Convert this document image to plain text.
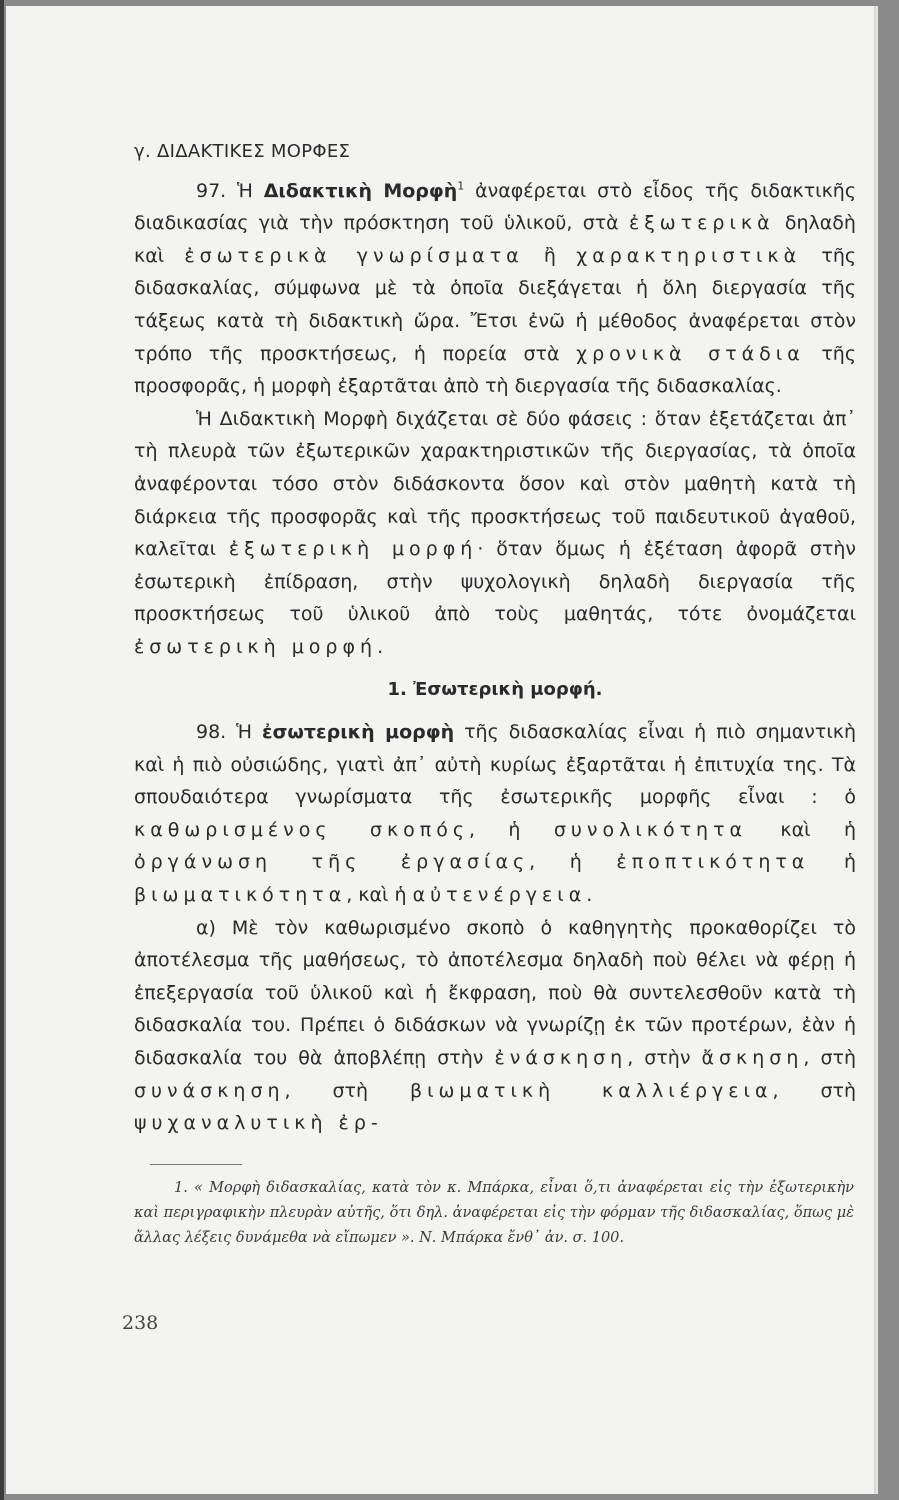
γ. ΔΙΔΑΚΤΙΚΕΣ ΜΟΡΦΕΣ

97. Ἡ Διδακτικὴ Μορφὴ$^1$ ἀναφέρεται στὸ εἶδος τῆς διδακτικῆς διαδικασίας γιὰ τὴν πρόσκτηση τοῦ ὑλικοῦ, στὰ ἐξωτερικὰ δηλαδὴ καὶ ἐσωτερικὰ γνωρίσματα ἢ χαρακτηριστικὰ τῆς διδασκαλίας, σύμφωνα μὲ τὰ ὁποῖα διεξάγεται ἡ ὅλη διεργασία τῆς τάξεως κατὰ τὴ διδακτικὴ ὥρα. Ἔτσι ἐνῶ ἡ μέθοδος ἀναφέρεται στὸν τρόπο τῆς προσκτήσεως, ἡ πορεία στὰ χρονικὰ στάδια τῆς προσφορᾶς, ἡ μορφὴ ἐξαρτᾶται ἀπὸ τὴ διεργασία τῆς διδασκαλίας.

Ἡ Διδακτικὴ Μορφὴ διχάζεται σὲ δύο φάσεις : ὅταν ἐξετάζεται ἀπ᾽ τὴ πλευρὰ τῶν ἐξωτερικῶν χαρακτηριστικῶν τῆς διεργασίας, τὰ ὁποῖα ἀναφέρονται τόσο στὸν διδάσκοντα ὅσον καὶ στὸν μαθητὴ κατὰ τὴ διάρκεια τῆς προσφορᾶς καὶ τῆς προσκτήσεως τοῦ παιδευτικοῦ ἀγαθοῦ, καλεῖται ἐξωτερικὴ μορφή· ὅταν ὅμως ἡ ἐξέταση ἀφορᾶ στὴν ἐσωτερικὴ ἐπίδραση, στὴν ψυχολογικὴ δηλαδὴ διεργασία τῆς προσκτήσεως τοῦ ὑλικοῦ ἀπὸ τοὺς μαθητάς, τότε ὀνομάζεται ἐσωτερικὴ μορφή.

1. Ἐσωτερικὴ μορφή.

98. Ἡ ἐσωτερικὴ μορφὴ τῆς διδασκαλίας εἶναι ἡ πιὸ σημαντικὴ καὶ ἡ πιὸ οὐσιώδης, γιατὶ ἀπ᾽ αὐτὴ κυρίως ἐξαρτᾶται ἡ ἐπιτυχία της. Τὰ σπουδαιότερα γνωρίσματα τῆς ἐσωτερικῆς μορφῆς εἶναι : ὁ καθωρισμένος σκοπός, ἡ συνολικότητα καὶ ἡ ὀργάνωση τῆς ἐργασίας, ἡ ἐποπτικότητα ἡ βιωματικότητα, καὶ ἡ αὐτενέργεια.

α) Μὲ τὸν καθωρισμένο σκοπὸ ὁ καθηγητὴς προκαθορίζει τὸ ἀποτέλεσμα τῆς μαθήσεως, τὸ ἀποτέλεσμα δηλαδὴ ποὺ θέλει νὰ φέρῃ ἡ ἐπεξεργασία τοῦ ὑλικοῦ καὶ ἡ ἔκφραση, ποὺ θὰ συντελεσθοῦν κατὰ τὴ διδασκαλία του. Πρέπει ὁ διδάσκων νὰ γνωρίζῃ ἐκ τῶν προτέρων, ἐὰν ἡ διδασκαλία του θὰ ἀποβλέπῃ στὴν ἐνάσκηση, στὴν ἄσκηση, στὴ συνάσκηση, στὴ βιωματικὴ καλλιέργεια, στὴ ψυχαναλυτικὴ ἐρ-

1. « Μορφὴ διδασκαλίας, κατὰ τὸν κ. Μπάρκα, εἶναι ὅ,τι ἀναφέρεται εἰς τὴν ἐξωτερικὴν καὶ περιγραφικὴν πλευρὰν αὐτῆς, ὅτι δηλ. ἀναφέρεται εἰς τὴν φόρμαν τῆς διδασκαλίας, ὅπως μὲ ἄλλας λέξεις δυνάμεθα νὰ εἴπωμεν ». Ν. Μπάρκα ἔνθ᾽ ἀν. σ. 100.

238
